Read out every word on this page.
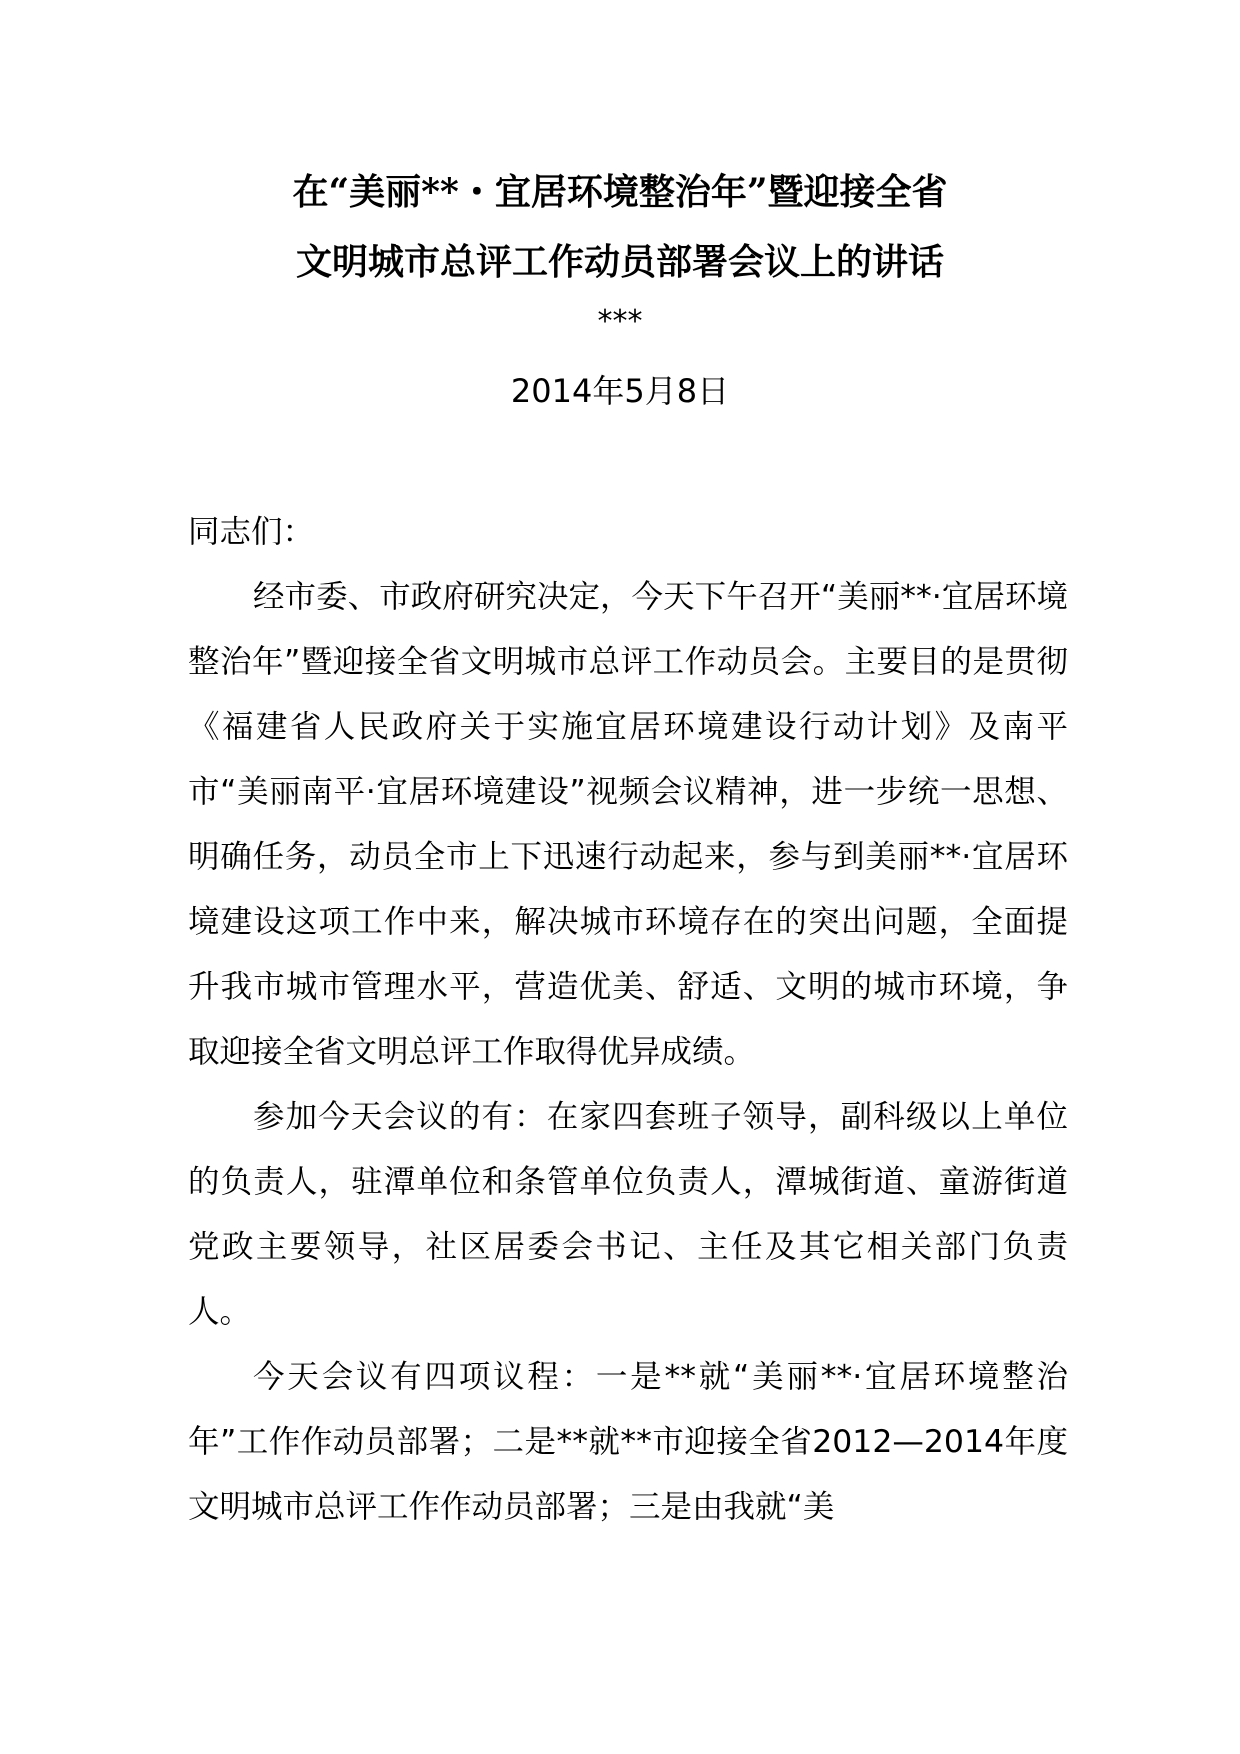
在“美丽**・宜居环境整治年”暨迎接全省
文明城市总评工作动员部署会议上的讲话
***
2014年5月8日

同志们：

经市委、市政府研究决定，今天下午召开“美丽**·宜居环境整治年”暨迎接全省文明城市总评工作动员会。主要目的是贯彻《福建省人民政府关于实施宜居环境建设行动计划》及南平市“美丽南平·宜居环境建设”视频会议精神，进一步统一思想、明确任务，动员全市上下迅速行动起来，参与到美丽**·宜居环境建设这项工作中来，解决城市环境存在的突出问题，全面提升我市城市管理水平，营造优美、舒适、文明的城市环境，争取迎接全省文明总评工作取得优异成绩。

参加今天会议的有：在家四套班子领导，副科级以上单位的负责人，驻潭单位和条管单位负责人，潭城街道、童游街道党政主要领导，社区居委会书记、主任及其它相关部门负责人。

今天会议有四项议程：一是**就“美丽**·宜居环境整治年”工作作动员部署；二是**就**市迎接全省2012—2014年度文明城市总评工作作动员部署；三是由我就“美
